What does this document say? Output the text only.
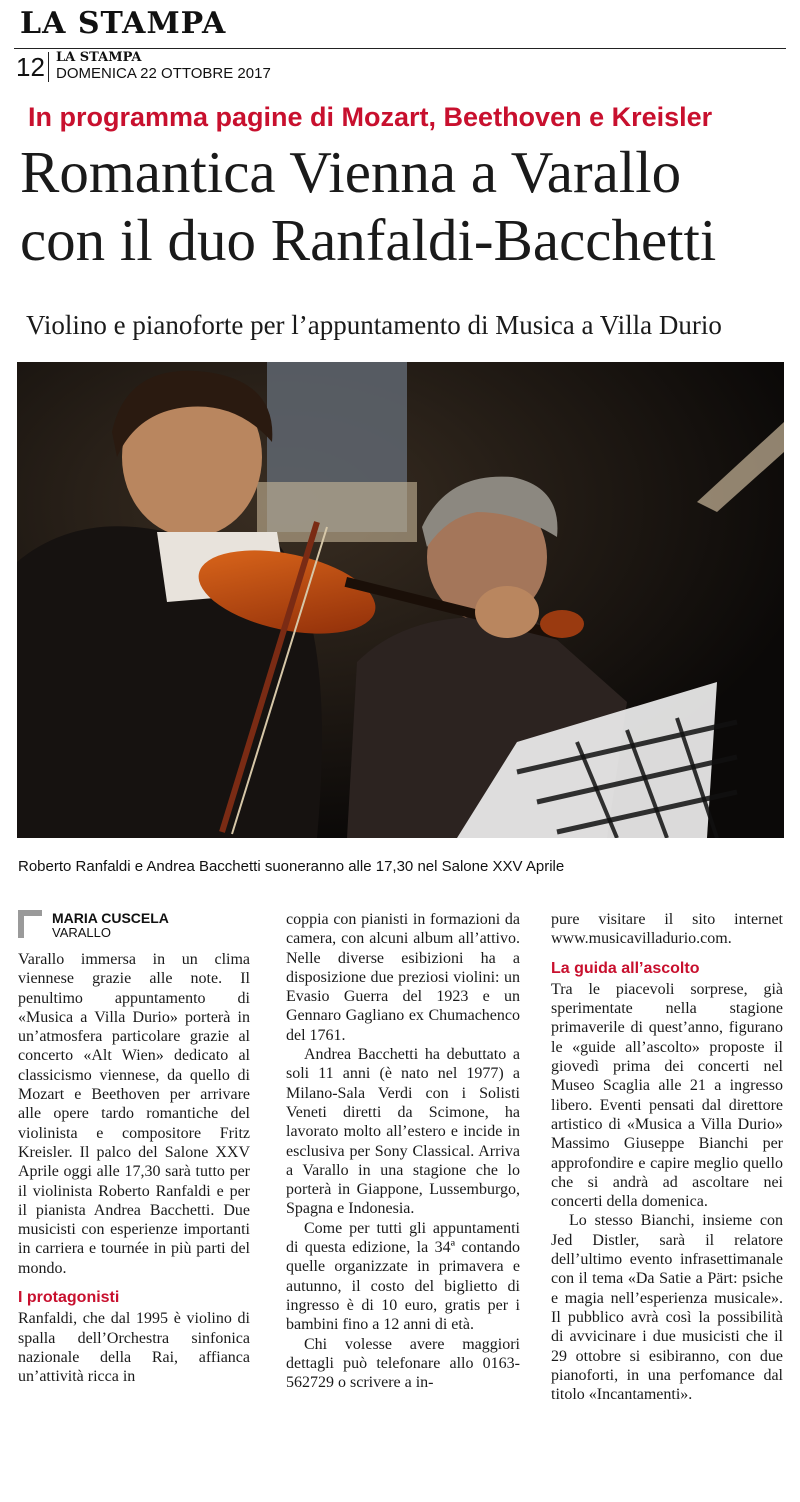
LA STAMPA
12 LA STAMPA
DOMENICA 22 OTTOBRE 2017
In programma pagine di Mozart, Beethoven e Kreisler
Romantica Vienna a Varallo
con il duo Ranfaldi-Bacchetti
Violino e pianoforte per l’appuntamento di Musica a Villa Durio
Roberto Ranfaldi e Andrea Bacchetti suoneranno alle 17,30 nel Salone XXV Aprile
MARIA CUSCELA
VARALLO

Varallo immersa in un clima viennese grazie alle note. Il penultimo appuntamento di «Musica a Villa Durio» porterà in un’atmosfera particolare grazie al concerto «Alt Wien» dedicato al classicismo viennese, da quello di Mozart e Beethoven per arrivare alle opere tardo romantiche del violinista e compositore Fritz Kreisler. Il palco del Salone XXV Aprile oggi alle 17,30 sarà tutto per il violinista Roberto Ranfaldi e per il pianista Andrea Bacchetti. Due musicisti con esperienze importanti in carriera e tournée in più parti del mondo.

I protagonisti

Ranfaldi, che dal 1995 è violino di spalla dell’Orchestra sinfonica nazionale della Rai, affianca un’attività ricca in

coppia con pianisti in formazioni da camera, con alcuni album all’attivo. Nelle diverse esibizioni ha a disposizione due preziosi violini: un Evasio Guerra del 1923 e un Gennaro Gagliano ex Chumachenco del 1761.

Andrea Bacchetti ha debuttato a soli 11 anni (è nato nel 1977) a Milano-Sala Verdi con i Solisti Veneti diretti da Scimone, ha lavorato molto all’estero e incide in esclusiva per Sony Classical. Arriva a Varallo in una stagione che lo porterà in Giappone, Lussemburgo, Spagna e Indonesia.

Come per tutti gli appuntamenti di questa edizione, la 34ª contando quelle organizzate in primavera e autunno, il costo del biglietto di ingresso è di 10 euro, gratis per i bambini fino a 12 anni di età.

Chi volesse avere maggiori dettagli può telefonare allo 0163-562729 o scrivere a in-

pure visitare il sito internet www.musicavilladurio.com.

La guida all’ascolto

Tra le piacevoli sorprese, già sperimentate nella stagione primaverile di quest’anno, figurano le «guide all’ascolto» proposte il giovedì prima dei concerti nel Museo Scaglia alle 21 a ingresso libero. Eventi pensati dal direttore artistico di «Musica a Villa Durio» Massimo Giuseppe Bianchi per approfondire e capire meglio quello che si andrà ad ascoltare nei concerti della domenica.

Lo stesso Bianchi, insieme con Jed Distler, sarà il relatore dell’ultimo evento infrasettimanale con il tema «Da Satie a Pärt: psiche e magia nell’esperienza musicale». Il pubblico avrà così la possibilità di avvicinare i due musicisti che il 29 ottobre si esibiranno, con due pianoforti, in una perfomance dal titolo «Incantamenti».
